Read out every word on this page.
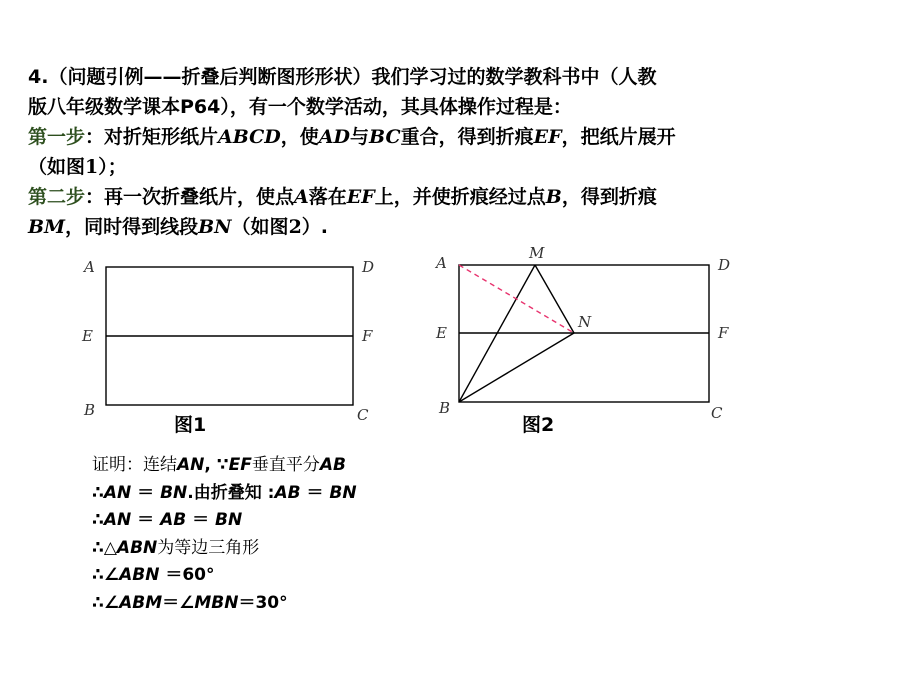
4.（问题引例——折叠后判断图形形状）我们学习过的数学教科书中（人教
版八年级数学课本P64），有一个数学活动，其具体操作过程是：
第一步：对折矩形纸片ABCD，使AD与BC重合，得到折痕EF，把纸片展开
（如图1）；
第二步：再一次折叠纸片，使点A落在EF上，并使折痕经过点B，得到折痕
BM，同时得到线段BN（如图2）.
A	D
E	F
B	C
图1
A
M
D
E
N
F
B	C
图2
证明：连结AN, ∵EF垂直平分AB
∴AN ＝ BN.由折叠知 :AB ＝ BN
∴AN ＝ AB ＝ BN
∴△ABN为等边三角形
∴∠ABN ＝60°
∴∠ABM＝∠MBN＝30°
